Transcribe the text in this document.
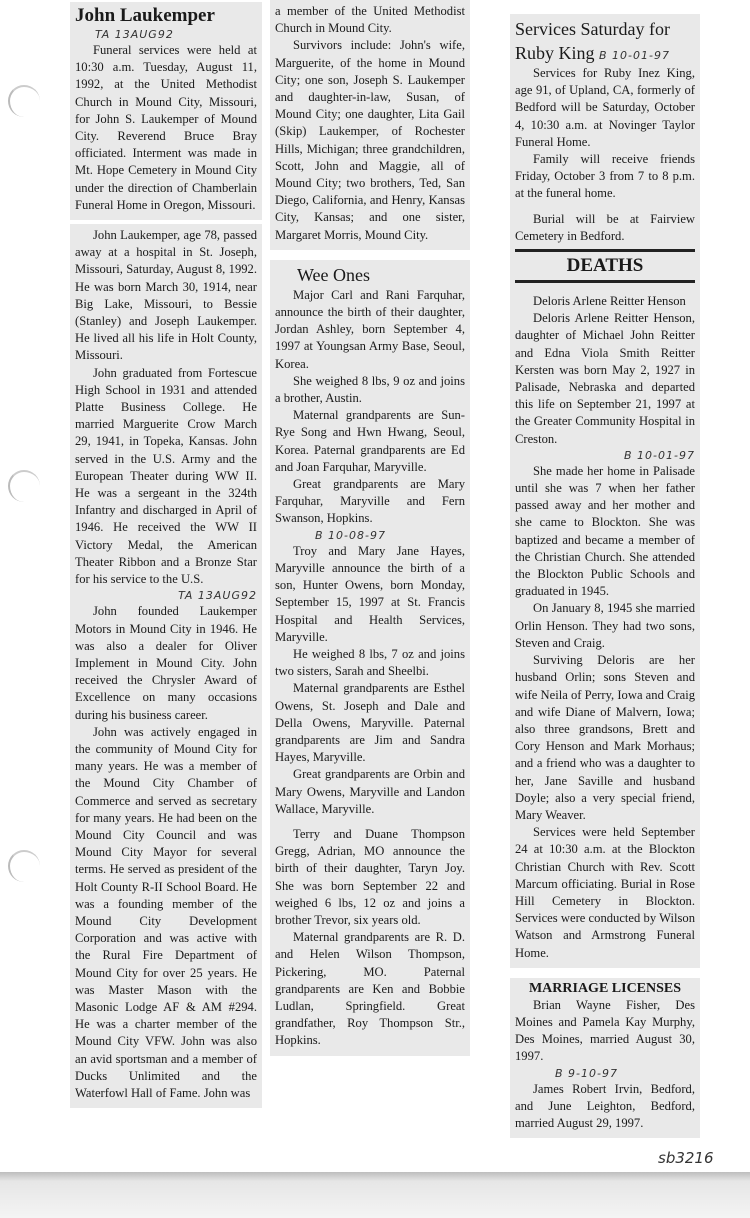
John Laukemper

TA 13AUG92

Funeral services were held at 10:30 a.m. Tuesday, August 11, 1992, at the United Methodist Church in Mound City, Missouri, for John S. Laukemper of Mound City. Reverend Bruce Bray officiated. Interment was made in Mt. Hope Cemetery in Mound City under the direction of Chamberlain Funeral Home in Oregon, Missouri.

John Laukemper, age 78, passed away at a hospital in St. Joseph, Missouri, Saturday, August 8, 1992. He was born March 30, 1914, near Big Lake, Missouri, to Bessie (Stanley) and Joseph Laukemper. He lived all his life in Holt County, Missouri.

John graduated from Fortescue High School in 1931 and attended Platte Business College. He married Marguerite Crow March 29, 1941, in Topeka, Kansas. John served in the U.S. Army and the European Theater during WW II. He was a sergeant in the 324th Infantry and discharged in April of 1946. He received the WW II Victory Medal, the American Theater Ribbon and a Bronze Star for his service to the U.S.

TA 13AUG92

John founded Laukemper Motors in Mound City in 1946. He was also a dealer for Oliver Implement in Mound City. John received the Chrysler Award of Excellence on many occasions during his business career.

John was actively engaged in the community of Mound City for many years. He was a member of the Mound City Chamber of Commerce and served as secretary for many years. He had been on the Mound City Council and was Mound City Mayor for several terms. He served as president of the Holt County R-II School Board. He was a founding member of the Mound City Development Corporation and was active with the Rural Fire Department of Mound City for over 25 years. He was Master Mason with the Masonic Lodge AF & AM #294. He was a charter member of the Mound City VFW. John was also an avid sportsman and a member of Ducks Unlimited and the Waterfowl Hall of Fame. John was

a member of the United Methodist Church in Mound City.

Survivors include: John's wife, Marguerite, of the home in Mound City; one son, Joseph S. Laukemper and daughter-in-law, Susan, of Mound City; one daughter, Lita Gail (Skip) Laukemper, of Rochester Hills, Michigan; three grandchildren, Scott, John and Maggie, all of Mound City; two brothers, Ted, San Diego, California, and Henry, Kansas City, Kansas; and one sister, Margaret Morris, Mound City.

Wee Ones

Major Carl and Rani Farquhar, announce the birth of their daughter, Jordan Ashley, born September 4, 1997 at Youngsan Army Base, Seoul, Korea.

She weighed 8 lbs, 9 oz and joins a brother, Austin.

Maternal grandparents are Sun-Rye Song and Hwn Hwang, Seoul, Korea. Paternal grandparents are Ed and Joan Farquhar, Maryville.

Great grandparents are Mary Farquhar, Maryville and Fern Swanson, Hopkins.

B 10-08-97

Troy and Mary Jane Hayes, Maryville announce the birth of a son, Hunter Owens, born Monday, September 15, 1997 at St. Francis Hospital and Health Services, Maryville.

He weighed 8 lbs, 7 oz and joins two sisters, Sarah and Sheelbi.

Maternal grandparents are Esthel Owens, St. Joseph and Dale and Della Owens, Maryville. Paternal grandparents are Jim and Sandra Hayes, Maryville.

Great grandparents are Orbin and Mary Owens, Maryville and Landon Wallace, Maryville.

Terry and Duane Thompson Gregg, Adrian, MO announce the birth of their daughter, Taryn Joy. She was born September 22 and weighed 6 lbs, 12 oz and joins a brother Trevor, six years old.

Maternal grandparents are R. D. and Helen Wilson Thompson, Pickering, MO. Paternal grandparents are Ken and Bobbie Ludlan, Springfield. Great grandfather, Roy Thompson Str., Hopkins.

Services Saturday for Ruby King B 10-01-97

Services for Ruby Inez King, age 91, of Upland, CA, formerly of Bedford will be Saturday, October 4, 10:30 a.m. at Novinger Taylor Funeral Home.

Family will receive friends Friday, October 3 from 7 to 8 p.m. at the funeral home.

Burial will be at Fairview Cemetery in Bedford.

DEATHS

Deloris Arlene Reitter Henson

Deloris Arlene Reitter Henson, daughter of Michael John Reitter and Edna Viola Smith Reitter Kersten was born May 2, 1927 in Palisade, Nebraska and departed this life on September 21, 1997 at the Greater Community Hospital in Creston.

B 10-01-97

She made her home in Palisade until she was 7 when her father passed away and her mother and she came to Blockton. She was baptized and became a member of the Christian Church. She attended the Blockton Public Schools and graduated in 1945.

On January 8, 1945 she married Orlin Henson. They had two sons, Steven and Craig.

Surviving Deloris are her husband Orlin; sons Steven and wife Neila of Perry, Iowa and Craig and wife Diane of Malvern, Iowa; also three grandsons, Brett and Cory Henson and Mark Morhaus; and a friend who was a daughter to her, Jane Saville and husband Doyle; also a very special friend, Mary Weaver.

Services were held September 24 at 10:30 a.m. at the Blockton Christian Church with Rev. Scott Marcum officiating. Burial in Rose Hill Cemetery in Blockton. Services were conducted by Wilson Watson and Armstrong Funeral Home.

MARRIAGE LICENSES

Brian Wayne Fisher, Des Moines and Pamela Kay Murphy, Des Moines, married August 30, 1997.

B 9-10-97

James Robert Irvin, Bedford, and June Leighton, Bedford, married August 29, 1997.

sb3216
